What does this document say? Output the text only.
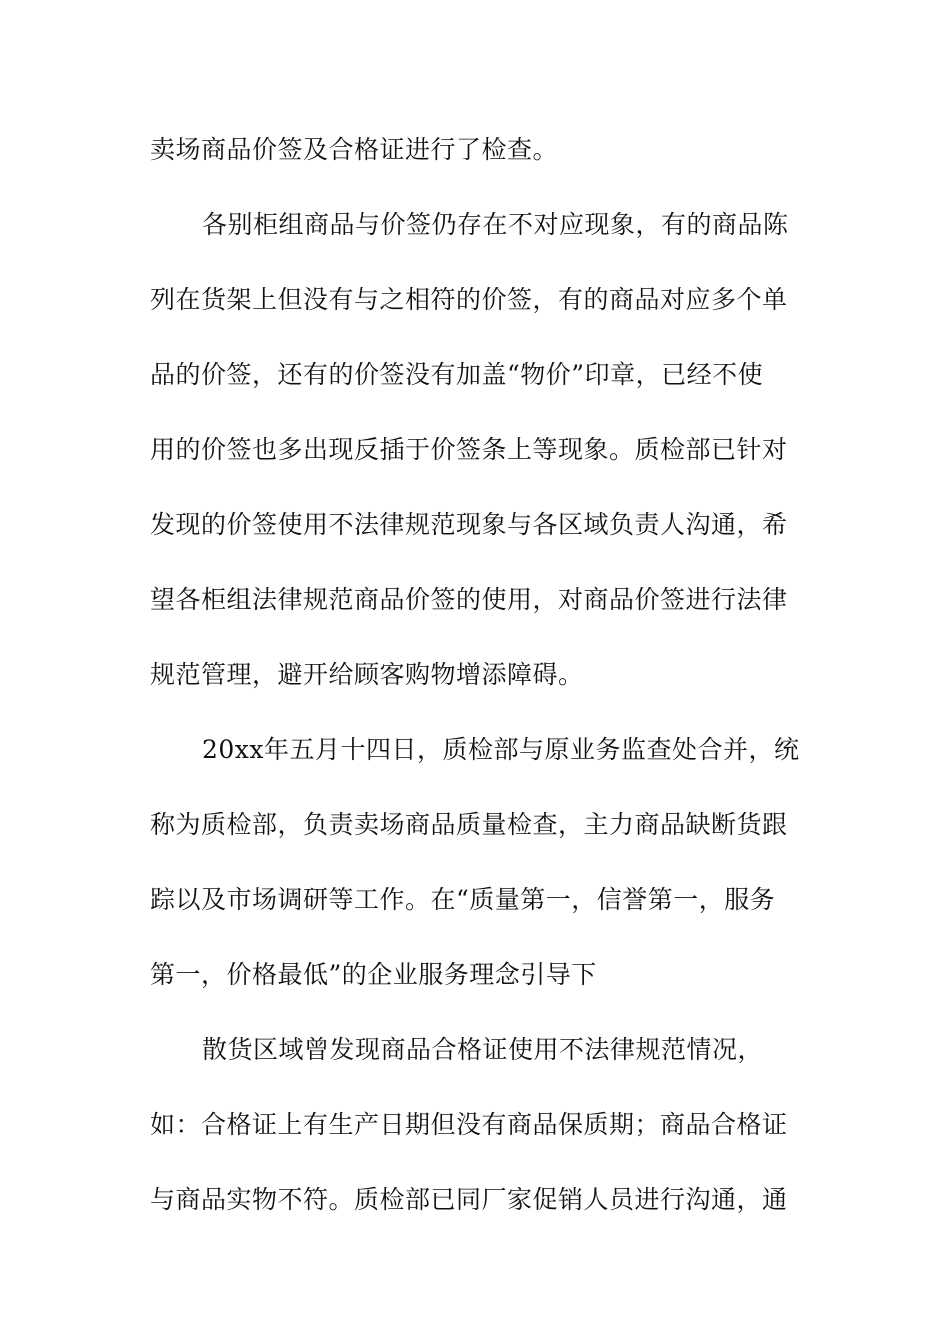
卖场商品价签及合格证进行了检查。
各别柜组商品与价签仍存在不对应现象，有的商品陈
列在货架上但没有与之相符的价签，有的商品对应多个单
品的价签，还有的价签没有加盖“物价”印章，已经不使
用的价签也多出现反插于价签条上等现象。质检部已针对
发现的价签使用不法律规范现象与各区域负责人沟通，希
望各柜组法律规范商品价签的使用，对商品价签进行法律
规范管理，避开给顾客购物增添障碍。
20xx年五月十四日，质检部与原业务监查处合并，统
称为质检部，负责卖场商品质量检查，主力商品缺断货跟
踪以及市场调研等工作。在“质量第一，信誉第一，服务
第一，价格最低”的企业服务理念引导下
散货区域曾发现商品合格证使用不法律规范情况，
如：合格证上有生产日期但没有商品保质期；商品合格证
与商品实物不符。质检部已同厂家促销人员进行沟通，通
